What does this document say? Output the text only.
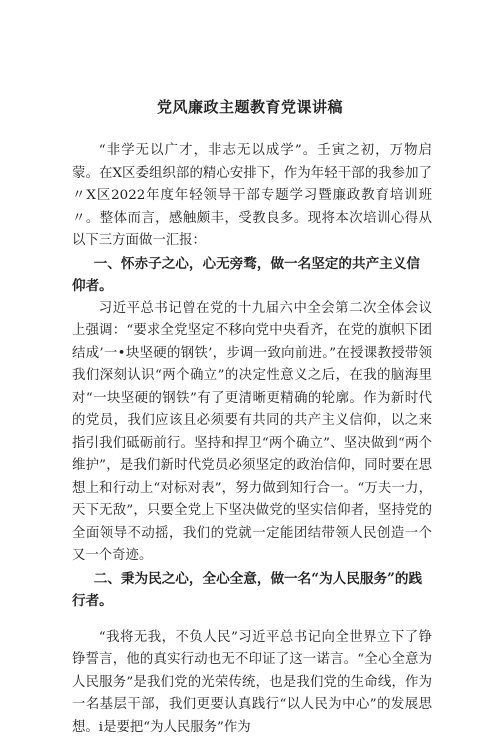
党风廉政主题教育党课讲稿

“非学无以广才，非志无以成学”。壬寅之初，万物启蒙。在X区委组织部的精心安排下，作为年轻干部的我参加了〃X区2022年度年轻领导干部专题学习暨廉政教育培训班〃。整体而言，感触颇丰，受教良多。现将本次培训心得从以下三方面做一汇报：

一、怀赤子之心，心无旁骛，做一名坚定的共产主义信仰者。

习近平总书记曾在党的十九届六中全会第二次全体会议上强调：“要求全党坚定不移向党中央看齐，在党的旗帜下团结成’一•块坚硬的钢铁’，步调一致向前进。”在授课教授带领我们深刻认识“两个确立”的决定性意义之后，在我的脑海里对“一块坚硬的钢铁”有了更清晰更精确的轮廓。作为新时代的党员，我们应该且必须要有共同的共产主义信仰，以之来指引我们砥砺前行。坚持和捍卫“两个确立”、坚决做到“两个维护”，是我们新时代党员必须坚定的政治信仰，同时要在思想上和行动上“对标对表”，努力做到知行合一。“万夫一力，天下无敌”，只要全党上下坚决做党的坚实信仰者，坚持党的全面领导不动摇，我们的党就一定能团结带领人民创造一个又一个奇迹。

二、秉为民之心，全心全意，做一名“为人民服务”的践行者。

“我将无我，不负人民”习近平总书记向全世界立下了铮铮誓言，他的真实行动也无不印证了这一诺言。“全心全意为人民服务”是我们党的光荣传统，也是我们党的生命线，作为一名基层干部，我们更要认真践行“以人民为中心”的发展思想。i是要把“为人民服务”作为
